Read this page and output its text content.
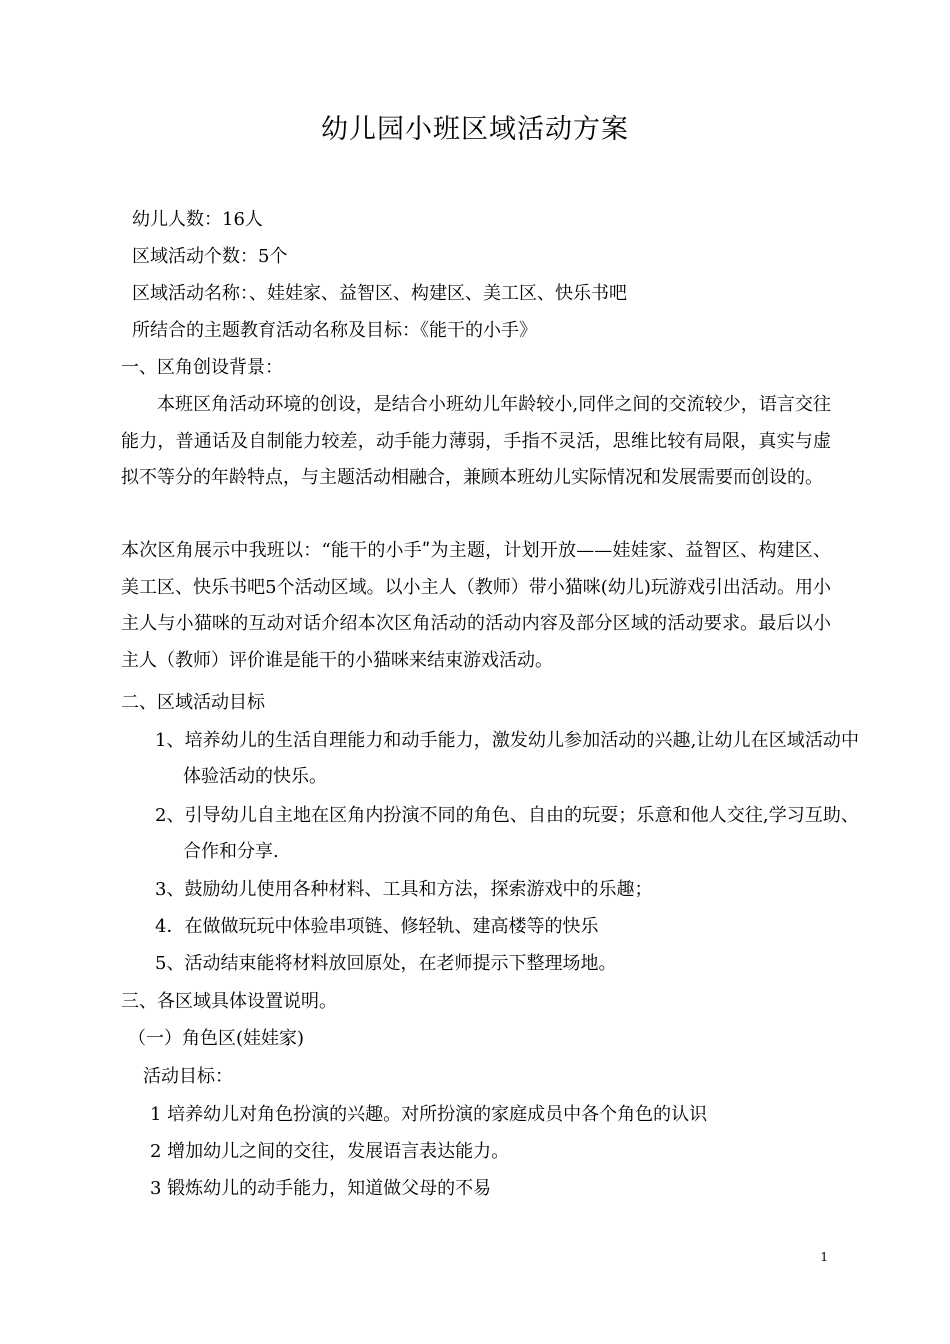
幼儿园小班区域活动方案
幼儿人数：16人
区域活动个数：5个
区域活动名称：、娃娃家、益智区、构建区、美工区、快乐书吧
所结合的主题教育活动名称及目标：《能干的小手》
一、区角创设背景：
本班区角活动环境的创设，是结合小班幼儿年龄较小,同伴之间的交流较少，语言交往能力，普通话及自制能力较差，动手能力薄弱，手指不灵活，思维比较有局限，真实与虚拟不等分的年龄特点，与主题活动相融合，兼顾本班幼儿实际情况和发展需要而创设的。
本次区角展示中我班以：“能干的小手ʺ为主题，计划开放——娃娃家、益智区、构建区、美工区、快乐书吧5个活动区域。以小主人（教师）带小猫咪(幼儿)玩游戏引出活动。用小主人与小猫咪的互动对话介绍本次区角活动的活动内容及部分区域的活动要求。最后以小主人（教师）评价谁是能干的小猫咪来结束游戏活动。
二、区域活动目标
1、培养幼儿的生活自理能力和动手能力，激发幼儿参加活动的兴趣,让幼儿在区域活动中体验活动的快乐。
2、引导幼儿自主地在区角内扮演不同的角色、自由的玩耍；乐意和他人交往,学习互助、合作和分享.
3、鼓励幼儿使用各种材料、工具和方法，探索游戏中的乐趣；
4．在做做玩玩中体验串项链、修轻轨、建高楼等的快乐
5、活动结束能将材料放回原处，在老师提示下整理场地。
三、各区域具体设置说明。
（一）角色区(娃娃家)
活动目标：
1 培养幼儿对角色扮演的兴趣。对所扮演的家庭成员中各个角色的认识
2 增加幼儿之间的交往，发展语言表达能力。
3 锻炼幼儿的动手能力，知道做父母的不易
1
